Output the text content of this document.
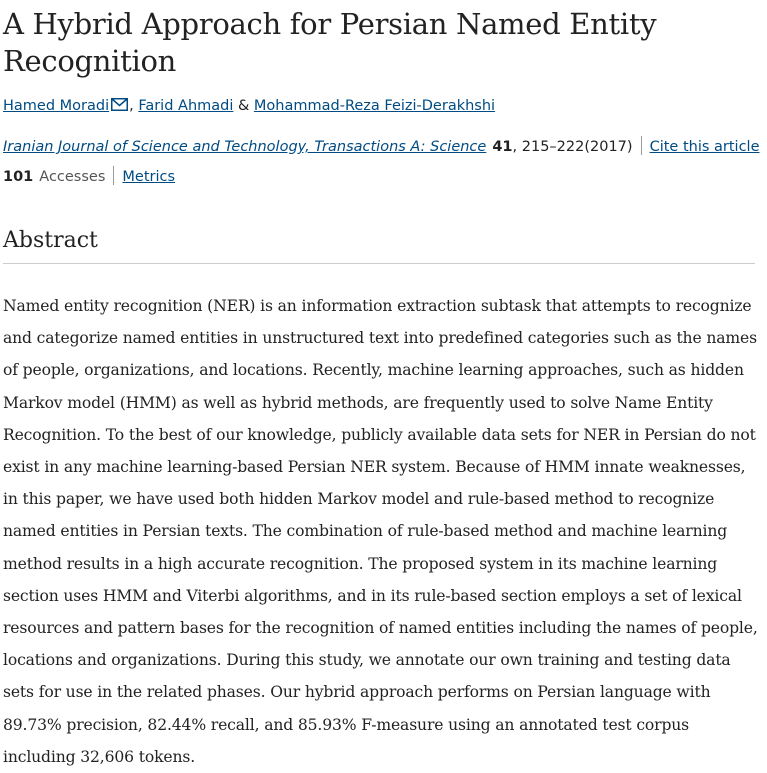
A Hybrid Approach for Persian Named Entity Recognition
Hamed Moradi , Farid Ahmadi & Mohammad-Reza Feizi-Derakhshi
Iranian Journal of Science and Technology, Transactions A: Science 41, 215–222(2017) Cite this article
101 Accesses Metrics
Abstract

Named entity recognition (NER) is an information extraction subtask that attempts to recognize and categorize named entities in unstructured text into predefined categories such as the names of people, organizations, and locations. Recently, machine learning approaches, such as hidden Markov model (HMM) as well as hybrid methods, are frequently used to solve Name Entity Recognition. To the best of our knowledge, publicly available data sets for NER in Persian do not exist in any machine learning-based Persian NER system. Because of HMM innate weaknesses, in this paper, we have used both hidden Markov model and rule-based method to recognize named entities in Persian texts. The combination of rule-based method and machine learning method results in a high accurate recognition. The proposed system in its machine learning section uses HMM and Viterbi algorithms, and in its rule-based section employs a set of lexical resources and pattern bases for the recognition of named entities including the names of people, locations and organizations. During this study, we annotate our own training and testing data sets for use in the related phases. Our hybrid approach performs on Persian language with 89.73% precision, 82.44% recall, and 85.93% F-measure using an annotated test corpus including 32,606 tokens.
